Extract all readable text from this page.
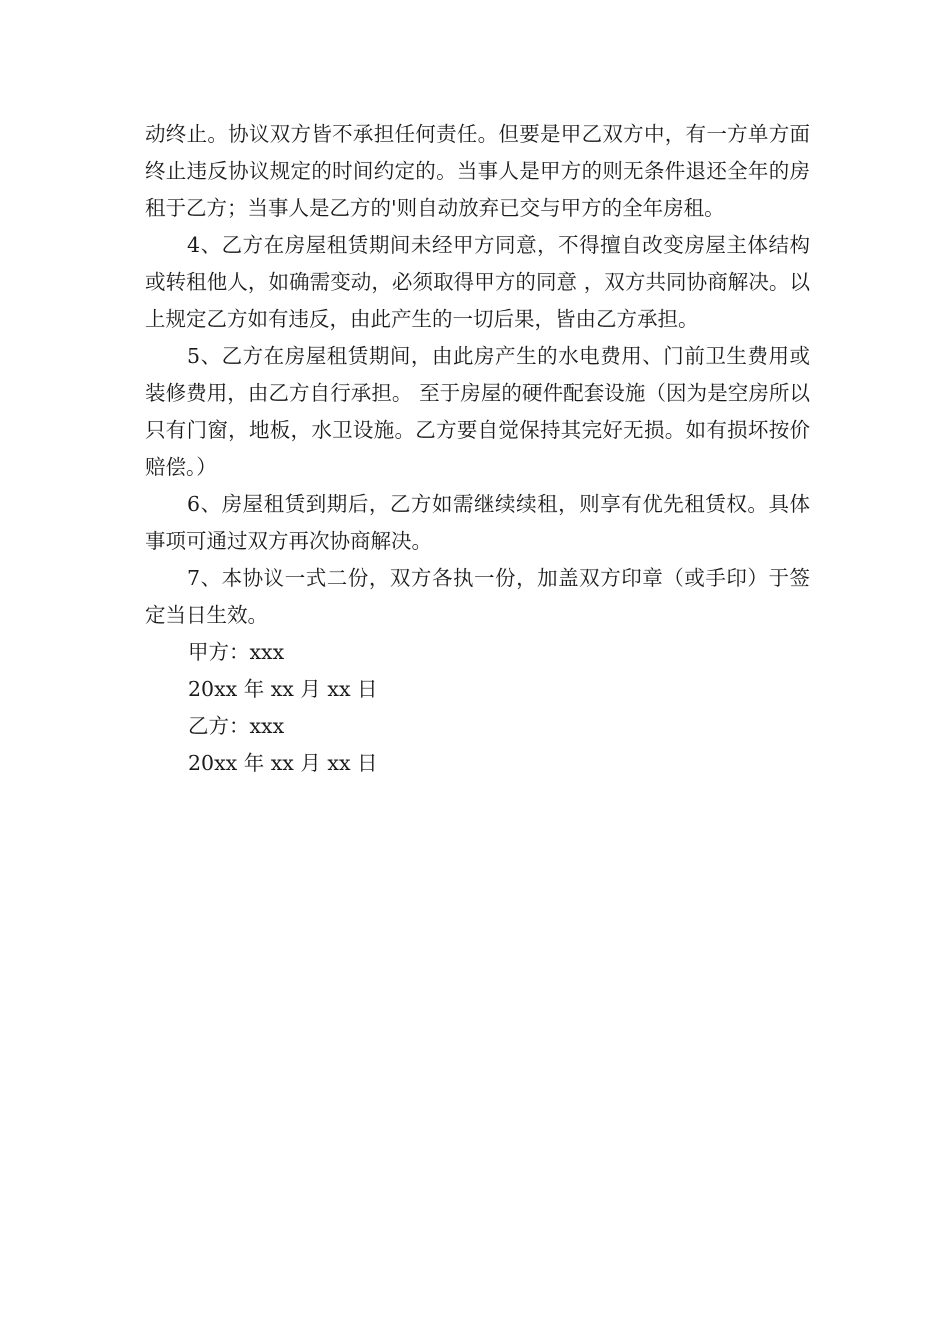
动终止。协议双方皆不承担任何责任。但要是甲乙双方中，有一方单方面终止违反协议规定的时间约定的。当事人是甲方的则无条件退还全年的房租于乙方；当事人是乙方的'则自动放弃已交与甲方的全年房租。

4、乙方在房屋租赁期间未经甲方同意，不得擅自改变房屋主体结构或转租他人，如确需变动，必须取得甲方的同意 ，双方共同协商解决。以上规定乙方如有违反，由此产生的一切后果，皆由乙方承担。

5、乙方在房屋租赁期间，由此房产生的水电费用、门前卫生费用或装修费用，由乙方自行承担。 至于房屋的硬件配套设施（因为是空房所以只有门窗，地板，水卫设施。乙方要自觉保持其完好无损。如有损坏按价赔偿。）

6、房屋租赁到期后，乙方如需继续续租，则享有优先租赁权。具体事项可通过双方再次协商解决。

7、本协议一式二份，双方各执一份，加盖双方印章（或手印）于签定当日生效。

甲方：xxx

20xx 年 xx 月 xx 日

乙方：xxx

20xx 年 xx 月 xx 日
